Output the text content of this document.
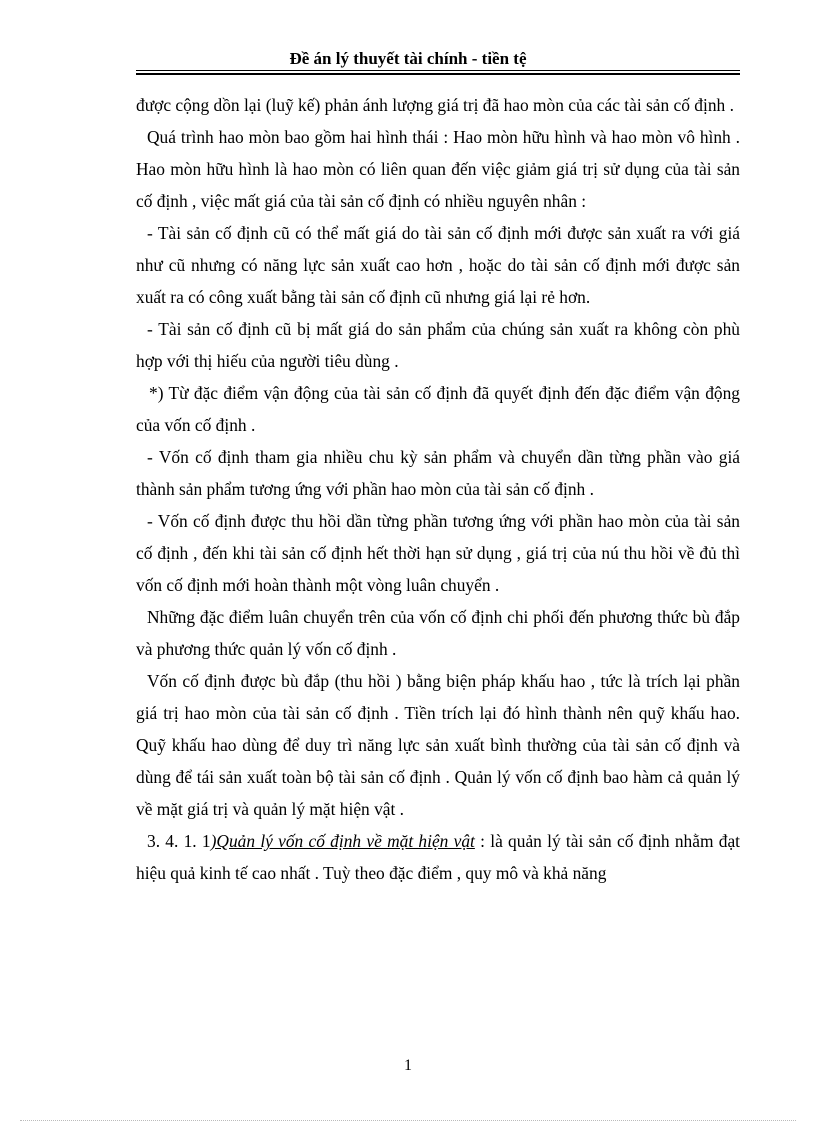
Đề án lý thuyết tài chính - tiền tệ

được cộng dồn lại (luỹ kế) phản ánh lượng giá trị đã hao mòn của các tài sản cố định .

Quá trình hao mòn bao gồm hai hình thái : Hao mòn hữu hình và hao mòn vô hình . Hao mòn hữu hình là hao mòn có liên quan đến việc giảm giá trị sử dụng của tài sản cố định , việc mất giá của tài sản cố định có nhiều nguyên nhân :

- Tài sản cố định cũ có thể mất giá do tài sản cố định mới được sản xuất ra với giá như cũ nhưng có năng lực sản xuất cao hơn , hoặc do tài sản cố định mới được sản xuất ra có công xuất bằng tài sản cố định cũ nhưng giá lại rẻ hơn.

- Tài sản cố định cũ bị mất giá do sản phẩm của chúng sản xuất ra không còn phù hợp với thị hiếu của người tiêu dùng .

*) Từ đặc điểm vận động của tài sản cố định đã quyết định đến đặc điểm vận động của vốn cố định .

- Vốn cố định tham gia nhiều chu kỳ sản phẩm và chuyển dần từng phần vào giá thành sản phẩm tương ứng với phần hao mòn của tài sản cố định .

- Vốn cố định được thu hồi dần từng phần tương ứng với phần hao mòn của tài sản cố định , đến khi tài sản cố định hết thời hạn sử dụng , giá trị của nú thu hồi về đủ thì vốn cố định mới hoàn thành một vòng luân chuyển .

Những đặc điểm luân chuyển trên của vốn cố định chi phối đến phương thức bù đắp và phương thức quản lý vốn cố định .

Vốn cố định được bù đắp (thu hồi ) bằng biện pháp khấu hao , tức là trích lại phần giá trị hao mòn của tài sản cố định . Tiền trích lại đó hình thành nên quỹ khấu hao. Quỹ khấu hao dùng để duy trì năng lực sản xuất bình thường của tài sản cố định và dùng để tái sản xuất toàn bộ tài sản cố định . Quản lý vốn cố định bao hàm cả quản lý về mặt giá trị và quản lý mặt hiện vật .

3. 4. 1. 1)Quản lý vốn cố định về mặt hiện vật : là quản lý tài sản cố định nhằm đạt hiệu quả kinh tế cao nhất . Tuỳ theo đặc điểm , quy mô và khả năng

1
